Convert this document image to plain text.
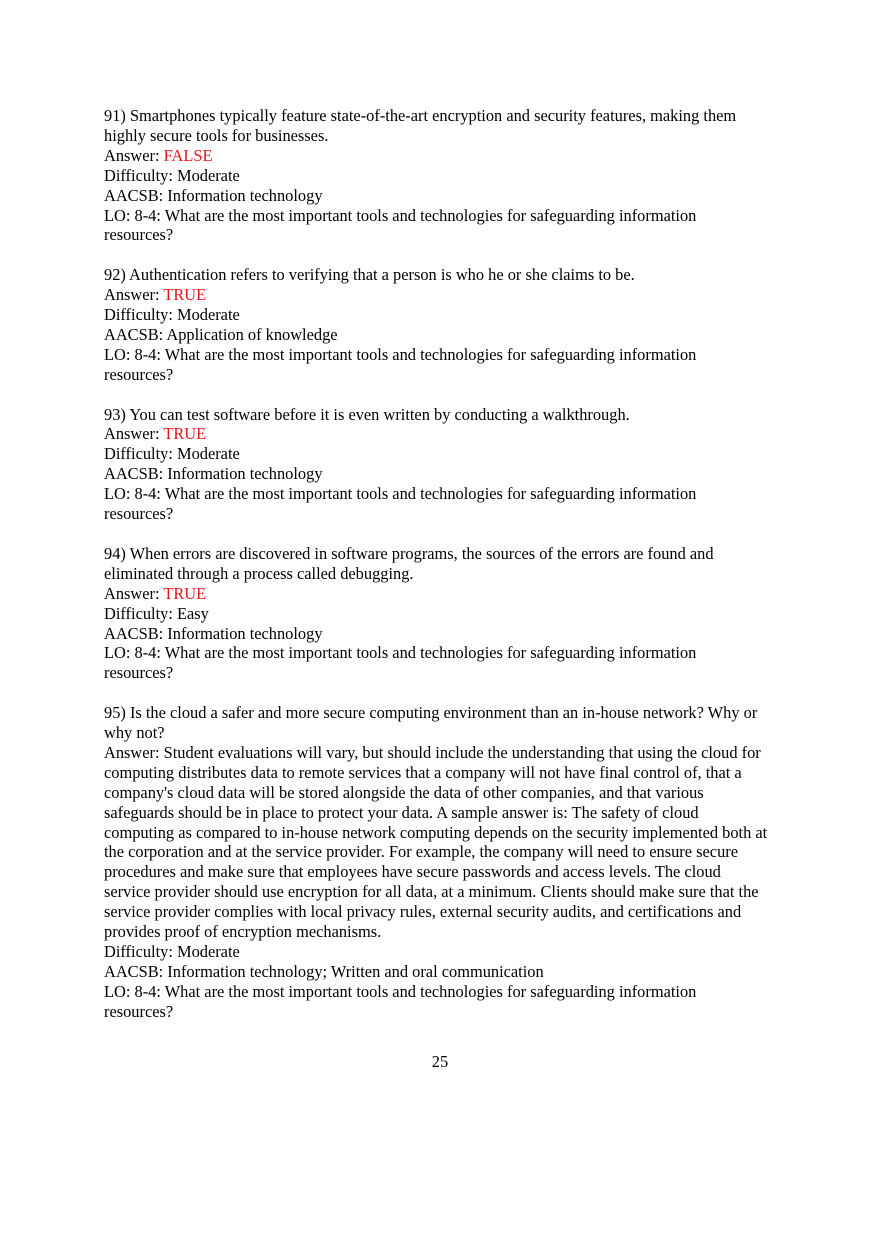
91) Smartphones typically feature state-of-the-art encryption and security features, making them highly secure tools for businesses.
Answer: FALSE
Difficulty: Moderate
AACSB: Information technology
LO: 8-4: What are the most important tools and technologies for safeguarding information resources?
92) Authentication refers to verifying that a person is who he or she claims to be.
Answer: TRUE
Difficulty: Moderate
AACSB: Application of knowledge
LO: 8-4: What are the most important tools and technologies for safeguarding information resources?
93) You can test software before it is even written by conducting a walkthrough.
Answer: TRUE
Difficulty: Moderate
AACSB: Information technology
LO: 8-4: What are the most important tools and technologies for safeguarding information resources?
94) When errors are discovered in software programs, the sources of the errors are found and eliminated through a process called debugging.
Answer: TRUE
Difficulty: Easy
AACSB: Information technology
LO: 8-4: What are the most important tools and technologies for safeguarding information resources?
95) Is the cloud a safer and more secure computing environment than an in-house network? Why or why not?
Answer: Student evaluations will vary, but should include the understanding that using the cloud for computing distributes data to remote services that a company will not have final control of, that a company's cloud data will be stored alongside the data of other companies, and that various safeguards should be in place to protect your data. A sample answer is: The safety of cloud computing as compared to in-house network computing depends on the security implemented both at the corporation and at the service provider. For example, the company will need to ensure secure procedures and make sure that employees have secure passwords and access levels. The cloud service provider should use encryption for all data, at a minimum. Clients should make sure that the service provider complies with local privacy rules, external security audits, and certifications and provides proof of encryption mechanisms.
Difficulty: Moderate
AACSB: Information technology; Written and oral communication
LO: 8-4: What are the most important tools and technologies for safeguarding information resources?
25
